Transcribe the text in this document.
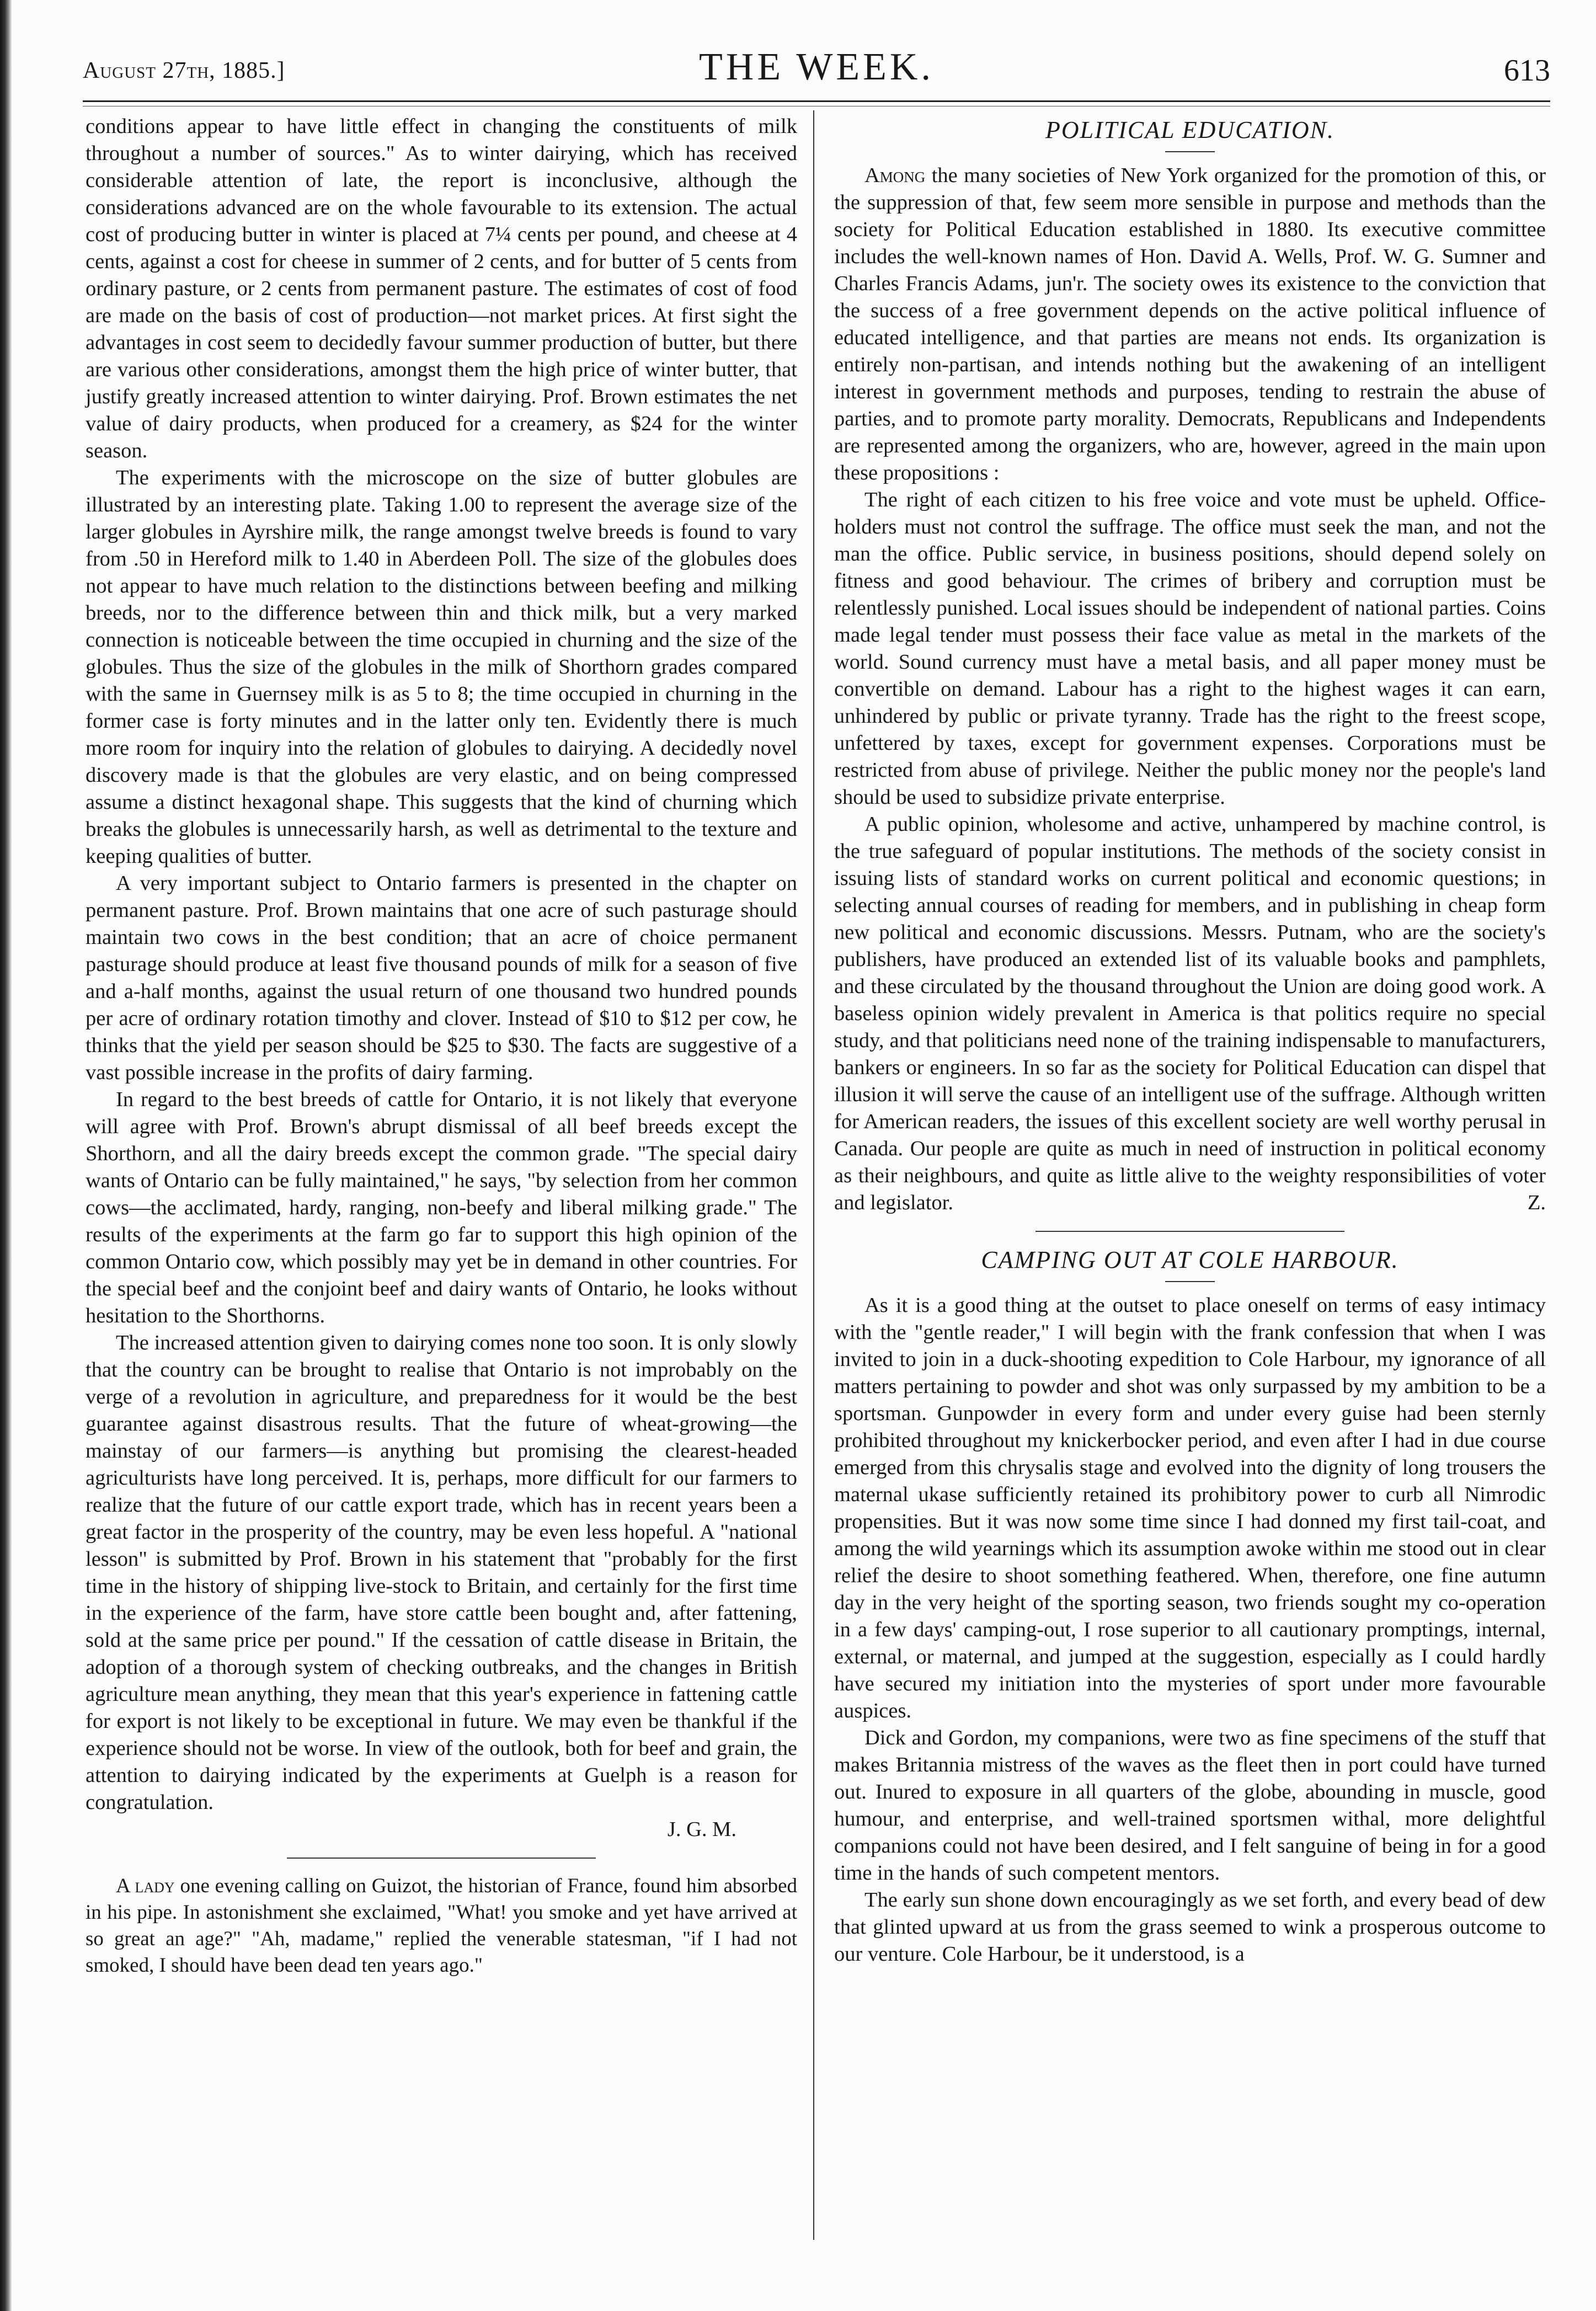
August 27th, 1885.]	THE WEEK.	613

conditions appear to have little effect in changing the constituents of milk throughout a number of sources." As to winter dairying, which has received considerable attention of late, the report is inconclusive, although the considerations advanced are on the whole favourable to its extension. The actual cost of producing butter in winter is placed at 7¼ cents per pound, and cheese at 4 cents, against a cost for cheese in summer of 2 cents, and for butter of 5 cents from ordinary pasture, or 2 cents from permanent pasture. The estimates of cost of food are made on the basis of cost of production—not market prices. At first sight the advantages in cost seem to decidedly favour summer production of butter, but there are various other considerations, amongst them the high price of winter butter, that justify greatly increased attention to winter dairying. Prof. Brown estimates the net value of dairy products, when produced for a creamery, as $24 for the winter season.

The experiments with the microscope on the size of butter globules are illustrated by an interesting plate. Taking 1.00 to represent the average size of the larger globules in Ayrshire milk, the range amongst twelve breeds is found to vary from .50 in Hereford milk to 1.40 in Aberdeen Poll. The size of the globules does not appear to have much relation to the distinctions between beefing and milking breeds, nor to the difference between thin and thick milk, but a very marked connection is noticeable between the time occupied in churning and the size of the globules. Thus the size of the globules in the milk of Shorthorn grades compared with the same in Guernsey milk is as 5 to 8; the time occupied in churning in the former case is forty minutes and in the latter only ten. Evidently there is much more room for inquiry into the relation of globules to dairying. A decidedly novel discovery made is that the globules are very elastic, and on being compressed assume a distinct hexagonal shape. This suggests that the kind of churning which breaks the globules is unnecessarily harsh, as well as detrimental to the texture and keeping qualities of butter.

A very important subject to Ontario farmers is presented in the chapter on permanent pasture. Prof. Brown maintains that one acre of such pasturage should maintain two cows in the best condition; that an acre of choice permanent pasturage should produce at least five thousand pounds of milk for a season of five and a-half months, against the usual return of one thousand two hundred pounds per acre of ordinary rotation timothy and clover. Instead of $10 to $12 per cow, he thinks that the yield per season should be $25 to $30. The facts are suggestive of a vast possible increase in the profits of dairy farming.

In regard to the best breeds of cattle for Ontario, it is not likely that everyone will agree with Prof. Brown's abrupt dismissal of all beef breeds except the Shorthorn, and all the dairy breeds except the common grade. "The special dairy wants of Ontario can be fully maintained," he says, "by selection from her common cows—the acclimated, hardy, ranging, non-beefy and liberal milking grade." The results of the experiments at the farm go far to support this high opinion of the common Ontario cow, which possibly may yet be in demand in other countries. For the special beef and the conjoint beef and dairy wants of Ontario, he looks without hesitation to the Shorthorns.

The increased attention given to dairying comes none too soon. It is only slowly that the country can be brought to realise that Ontario is not improbably on the verge of a revolution in agriculture, and preparedness for it would be the best guarantee against disastrous results. That the future of wheat-growing—the mainstay of our farmers—is anything but promising the clearest-headed agriculturists have long perceived. It is, perhaps, more difficult for our farmers to realize that the future of our cattle export trade, which has in recent years been a great factor in the prosperity of the country, may be even less hopeful. A "national lesson" is submitted by Prof. Brown in his statement that "probably for the first time in the history of shipping live-stock to Britain, and certainly for the first time in the experience of the farm, have store cattle been bought and, after fattening, sold at the same price per pound." If the cessation of cattle disease in Britain, the adoption of a thorough system of checking outbreaks, and the changes in British agriculture mean anything, they mean that this year's experience in fattening cattle for export is not likely to be exceptional in future. We may even be thankful if the experience should not be worse. In view of the outlook, both for beef and grain, the attention to dairying indicated by the experiments at Guelph is a reason for congratulation.

J. G. M.

A lady one evening calling on Guizot, the historian of France, found him absorbed in his pipe. In astonishment she exclaimed, "What! you smoke and yet have arrived at so great an age?" "Ah, madame," replied the venerable statesman, "if I had not smoked, I should have been dead ten years ago."

POLITICAL EDUCATION.

Among the many societies of New York organized for the promotion of this, or the suppression of that, few seem more sensible in purpose and methods than the society for Political Education established in 1880. Its executive committee includes the well-known names of Hon. David A. Wells, Prof. W. G. Sumner and Charles Francis Adams, jun'r. The society owes its existence to the conviction that the success of a free government depends on the active political influence of educated intelligence, and that parties are means not ends. Its organization is entirely non-partisan, and intends nothing but the awakening of an intelligent interest in government methods and purposes, tending to restrain the abuse of parties, and to promote party morality. Democrats, Republicans and Independents are represented among the organizers, who are, however, agreed in the main upon these propositions :

The right of each citizen to his free voice and vote must be upheld. Office-holders must not control the suffrage. The office must seek the man, and not the man the office. Public service, in business positions, should depend solely on fitness and good behaviour. The crimes of bribery and corruption must be relentlessly punished. Local issues should be independent of national parties. Coins made legal tender must possess their face value as metal in the markets of the world. Sound currency must have a metal basis, and all paper money must be convertible on demand. Labour has a right to the highest wages it can earn, unhindered by public or private tyranny. Trade has the right to the freest scope, unfettered by taxes, except for government expenses. Corporations must be restricted from abuse of privilege. Neither the public money nor the people's land should be used to subsidize private enterprise.

A public opinion, wholesome and active, unhampered by machine control, is the true safeguard of popular institutions. The methods of the society consist in issuing lists of standard works on current political and economic questions; in selecting annual courses of reading for members, and in publishing in cheap form new political and economic discussions. Messrs. Putnam, who are the society's publishers, have produced an extended list of its valuable books and pamphlets, and these circulated by the thousand throughout the Union are doing good work. A baseless opinion widely prevalent in America is that politics require no special study, and that politicians need none of the training indispensable to manufacturers, bankers or engineers. In so far as the society for Political Education can dispel that illusion it will serve the cause of an intelligent use of the suffrage. Although written for American readers, the issues of this excellent society are well worthy perusal in Canada. Our people are quite as much in need of instruction in political economy as their neighbours, and quite as little alive to the weighty responsibilities of voter and legislator.	Z.

CAMPING OUT AT COLE HARBOUR.

As it is a good thing at the outset to place oneself on terms of easy intimacy with the "gentle reader," I will begin with the frank confession that when I was invited to join in a duck-shooting expedition to Cole Harbour, my ignorance of all matters pertaining to powder and shot was only surpassed by my ambition to be a sportsman. Gunpowder in every form and under every guise had been sternly prohibited throughout my knickerbocker period, and even after I had in due course emerged from this chrysalis stage and evolved into the dignity of long trousers the maternal ukase sufficiently retained its prohibitory power to curb all Nimrodic propensities. But it was now some time since I had donned my first tail-coat, and among the wild yearnings which its assumption awoke within me stood out in clear relief the desire to shoot something feathered. When, therefore, one fine autumn day in the very height of the sporting season, two friends sought my co-operation in a few days' camping-out, I rose superior to all cautionary promptings, internal, external, or maternal, and jumped at the suggestion, especially as I could hardly have secured my initiation into the mysteries of sport under more favourable auspices.

Dick and Gordon, my companions, were two as fine specimens of the stuff that makes Britannia mistress of the waves as the fleet then in port could have turned out. Inured to exposure in all quarters of the globe, abounding in muscle, good humour, and enterprise, and well-trained sportsmen withal, more delightful companions could not have been desired, and I felt sanguine of being in for a good time in the hands of such competent mentors.

The early sun shone down encouragingly as we set forth, and every bead of dew that glinted upward at us from the grass seemed to wink a prosperous outcome to our venture. Cole Harbour, be it understood, is a
